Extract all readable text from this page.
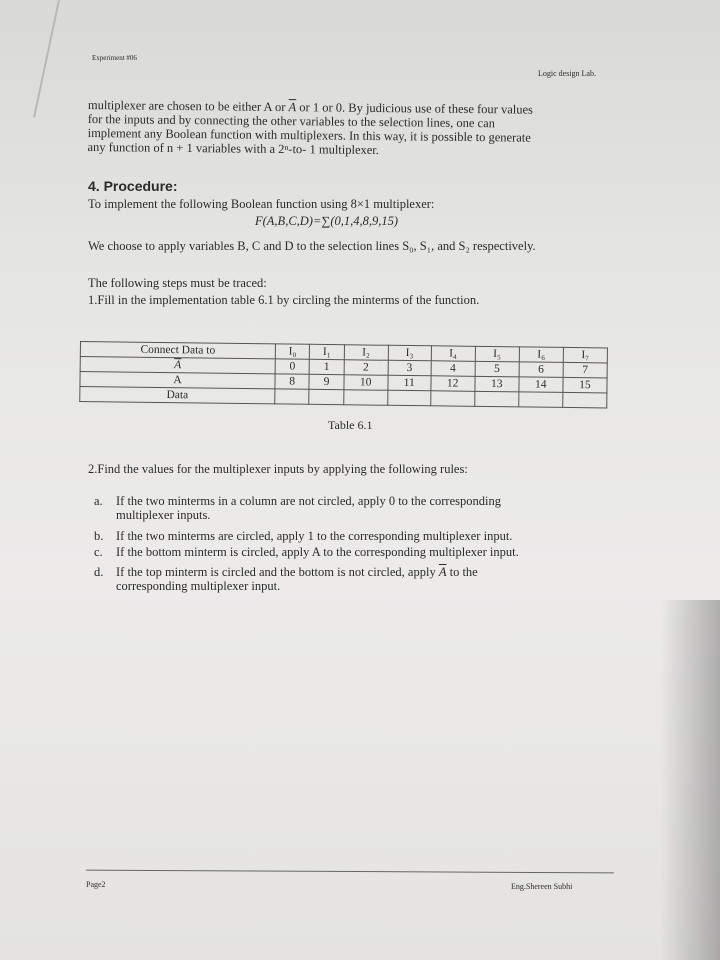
Experiment #06
Logic design Lab.
multiplexer are chosen to be either A or $\overline{A}$ or 1 or 0. By judicious use of these four values
for the inputs and by connecting the other variables to the selection lines, one can
implement any Boolean function with multiplexers. In this way, it is possible to generate
any function of n + 1 variables with a 2ⁿ-to- 1 multiplexer.
4. Procedure:
To implement the following Boolean function using 8×1 multiplexer:
F(A,B,C,D)=∑(0,1,4,8,9,15)
We choose to apply variables B, C and D to the selection lines S₀, S₁, and S₂ respectively.
The following steps must be traced:
1.Fill in the implementation table 6.1 by circling the minterms of the function.
Connect Data to	I₀	I₁	I₂	I₃	I₄	I₅	I₆	I₇
$\overline{A}$	0	1	2	3	4	5	6	7
A	8	9	10	11	12	13	14	15
Data								
Table 6.1
2.Find the values for the multiplexer inputs by applying the following rules:
a. If the two minterms in a column are not circled, apply 0 to the corresponding
multiplexer inputs.
b. If the two minterms are circled, apply 1 to the corresponding multiplexer input.
c. If the bottom minterm is circled, apply A to the corresponding multiplexer input.
d. If the top minterm is circled and the bottom is not circled, apply $\overline{A}$ to the
corresponding multiplexer input.
Page2	Eng.Shereen Subhi
